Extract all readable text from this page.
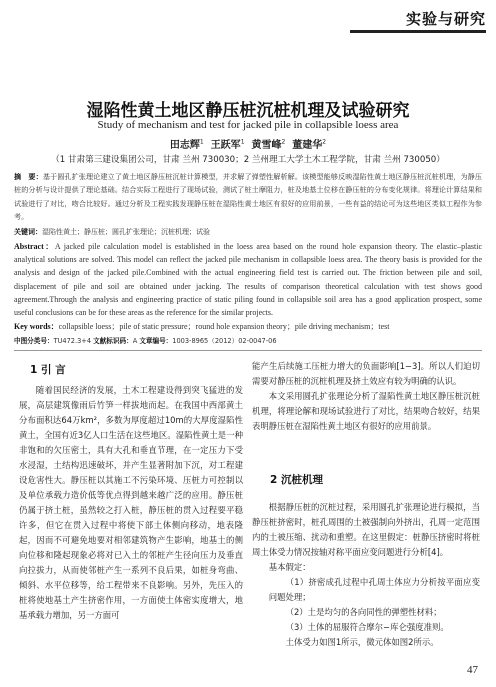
实验与研究
湿陷性黄土地区静压桩沉桩机理及试验研究
Study of mechanism and test for jacked pile in collapsible loess area
田志辉$^1$ 王跃军$^1$ 黄雪峰$^2$ 董建华$^2$
（1 甘肃第三建设集团公司，甘肃 兰州 730030；2 兰州理工大学土木工程学院，甘肃 兰州 730050）
摘　要：基于圆孔扩张理论建立了黄土地区静压桩沉桩计算模型，并求解了弹塑性解析解。该模型能够反映湿陷性黄土地区静压桩沉桩机理，为静压桩的分析与设计提供了理论基础。结合实际工程进行了现场试验，测试了桩土摩阻力，桩及地基土位移在静压桩的分布变化规律。将理论计算结果和试验进行了对比，吻合比较好。通过分析及工程实践发现静压桩在湿陷性黄土地区有很好的应用前景，一些有益的结论可为这些地区类似工程作为参考。
关键词：湿陷性黄土；静压桩；圆孔扩张理论；沉桩机理；试验
Abstract：A jacked pile calculation model is established in the loess area based on the round hole expansion theory. The elastic–plastic analytical solutions are solved. This model can reflect the jacked pile mechanism in collapsible loess area. The theory basis is provided for the analysis and design of the jacked pile.Combined with the actual engineering field test is carried out. The friction between pile and soil, displacement of pile and soil are obtained under jacking. The results of comparison theoretical calculation with test shows good agreement.Through the analysis and engineering practice of static piling found in collapsible soil area has a good application prospect, some useful conclusions can be for these areas as the reference for the similar projects.
Key words：collapsible loess；pile of static pressure；round hole expansion theory；pile driving mechanism；test
中图分类号：TU472.3+4 文献标识码：A 文章编号：1003-8965（2012）02-0047-06
1 引 言

随着国民经济的发展，土木工程建设得到突飞猛进的发展，高层建筑像雨后竹笋一样拔地而起。在我国中西部黄土分布面积达64万km²，多数为厚度超过10m的大厚度湿陷性黄土，全国有近3亿人口生活在这些地区。湿陷性黄土是一种非饱和的欠压密土，具有大孔和垂直节理，在一定压力下受水浸湿，土结构迅速破坏，并产生显著附加下沉，对工程建设危害性大。静压桩以其施工不污染环境、压桩力可控制以及单位承载力造价低等优点得到越来越广泛的应用。静压桩仍属于挤土桩，虽然较之打入桩，静压桩的贯入过程要平稳许多，但它在贯入过程中将使下部土体侧向移动，地表隆起，因而不可避免地要对相邻建筑物产生影响，地基土的侧向位移和隆起现象必将对已入土的邻桩产生径向压力及垂直向拉拔力，从而使邻桩产生一系列不良后果，如桩身弯曲、倾斜、水平位移等，给工程带来不良影响。另外，先压入的桩将使地基土产生挤密作用，一方面使土体密实度增大，地基承载力增加，另一方面可

能产生后续施工压桩力增大的负面影响[1−3]。所以人们迫切需要对静压桩的沉桩机理及挤土效应有较为明确的认识。

本文采用圆孔扩张理论分析了湿陷性黄土地区静压桩沉桩机理，将理论解和现场试验进行了对比，结果吻合较好，结果表明静压桩在湿陷性黄土地区有很好的应用前景。

2 沉桩机理

根据静压桩的沉桩过程，采用圆孔扩张理论进行模拟，当静压桩挤密时，桩孔周围的土被强制向外挤出，孔周一定范围内的土被压缩、扰动和重塑。在这里假定：桩静压挤密时将桩周土体受力情况按轴对称平面应变问题进行分析[4]。

基本假定：

（1）挤密成孔过程中孔周土体应力分析按平面应变问题处理；

（2）土是均匀的各向同性的弹塑性材料；

（3）土体的屈服符合摩尔−库仑强度准则。

土体受力如图1所示，微元体如图2所示。

47
